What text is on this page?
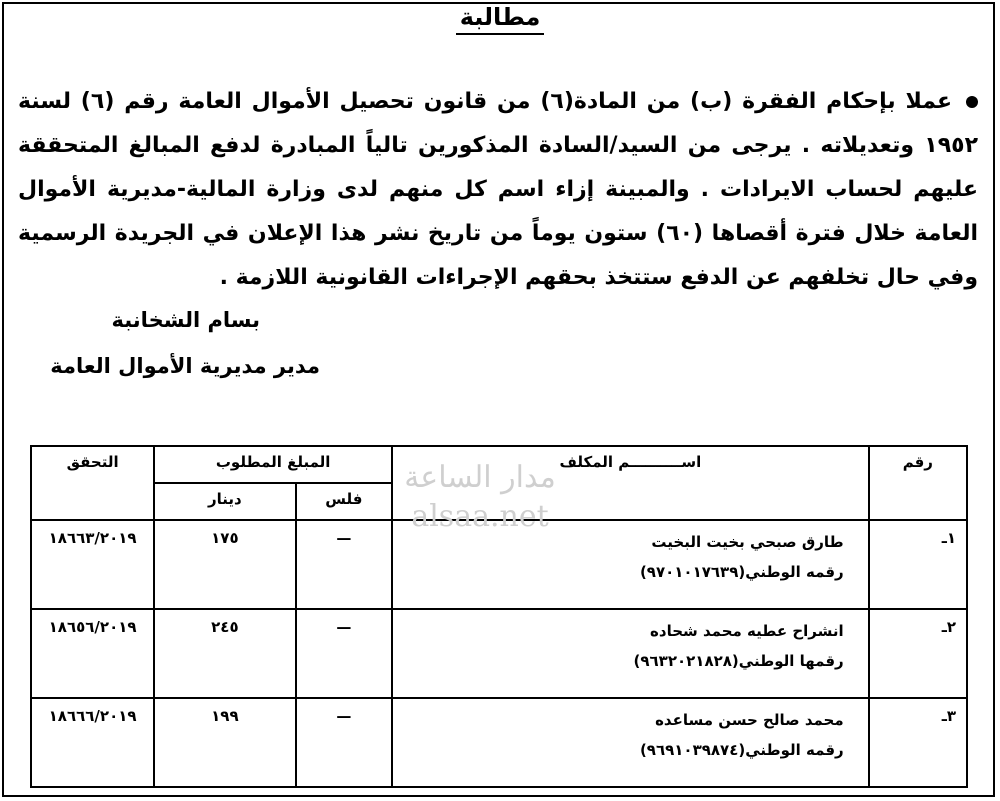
مطالبة
عملا بإحكام الفقرة (ب) من المادة(٦) من قانون تحصيل الأموال العامة رقم (٦) لسنة ١٩٥٢ وتعديلاته . يرجى من السيد/السادة المذكورين تالياً المبادرة لدفع المبالغ المتحققة عليهم لحساب الايرادات . والمبينة إزاء اسم كل منهم لدى وزارة المالية-مديرية الأموال العامة خلال فترة أقصاها (٦٠) ستون يوماً من تاريخ نشر هذا الإعلان في الجريدة الرسمية وفي حال تخلفهم عن الدفع ستتخذ بحقهم الإجراءات القانونية اللازمة .
بسام الشخانبة
مدير مديرية الأموال العامة
رقم	اســــــــــم المكلف	المبلغ المطلوب		التحقق
		فلس	دينار	
١ـ	طارق صبحي بخيت البخيت
رقمه الوطني(٩٧٠١٠١٧٦٣٩)	—	١٧٥	١٨٦٦٣/٢٠١٩
٢ـ	انشراح عطيه محمد شحاده
رقمها الوطني(٩٦٣٢٠٢١٨٢٨)	—	٢٤٥	١٨٦٥٦/٢٠١٩
٣ـ	محمد صالح حسن مساعده
رقمه الوطني(٩٦٩١٠٣٩٨٧٤)	—	١٩٩	١٨٦٦٦/٢٠١٩
مدار الساعة
alsaa.net
